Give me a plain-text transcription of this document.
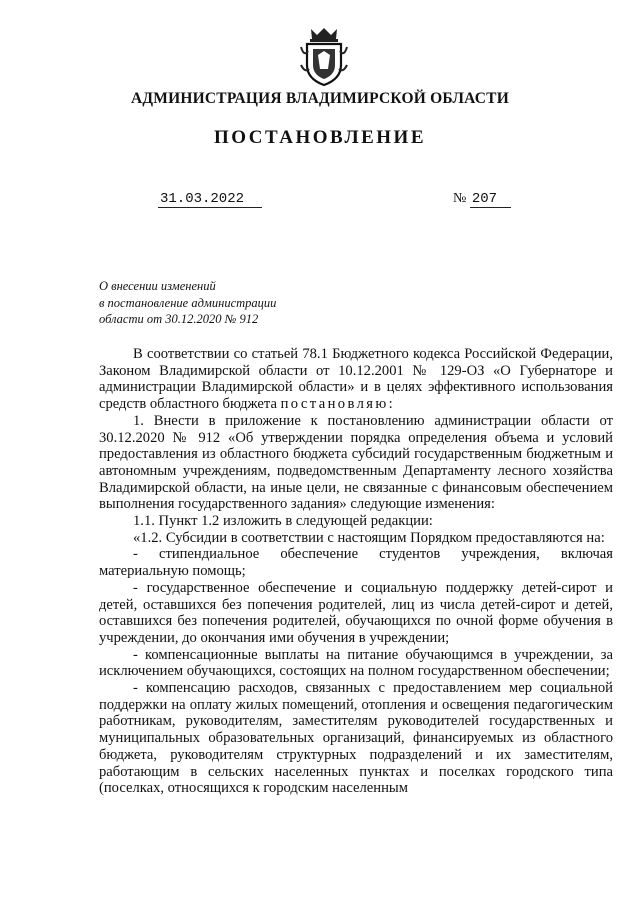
АДМИНИСТРАЦИЯ ВЛАДИМИРСКОЙ ОБЛАСТИ
ПОСТАНОВЛЕНИЕ
31.03.2022	№ 207
О внесении изменений
в постановление администрации
области от 30.12.2020 № 912

В соответствии со статьей 78.1 Бюджетного кодекса Российской Федерации, Законом Владимирской области от 10.12.2001 № 129-ОЗ «О Губернаторе и администрации Владимирской области» и в целях эффективного использования средств областного бюджета постановляю:

1. Внести в приложение к постановлению администрации области от 30.12.2020 № 912 «Об утверждении порядка определения объема и условий предоставления из областного бюджета субсидий государственным бюджетным и автономным учреждениям, подведомственным Департаменту лесного хозяйства Владимирской области, на иные цели, не связанные с финансовым обеспечением выполнения государственного задания» следующие изменения:

1.1. Пункт 1.2 изложить в следующей редакции:

«1.2. Субсидии в соответствии с настоящим Порядком предоставляются на:

- стипендиальное обеспечение студентов учреждения, включая материальную помощь;

- государственное обеспечение и социальную поддержку детей-сирот и детей, оставшихся без попечения родителей, лиц из числа детей-сирот и детей, оставшихся без попечения родителей, обучающихся по очной форме обучения в учреждении, до окончания ими обучения в учреждении;

- компенсационные выплаты на питание обучающимся в учреждении, за исключением обучающихся, состоящих на полном государственном обеспечении;

- компенсацию расходов, связанных с предоставлением мер социальной поддержки на оплату жилых помещений, отопления и освещения педагогическим работникам, руководителям, заместителям руководителей государственных и муниципальных образовательных организаций, финансируемых из областного бюджета, руководителям структурных подразделений и их заместителям, работающим в сельских населенных пунктах и поселках городского типа (поселках, относящихся к городским населенным
